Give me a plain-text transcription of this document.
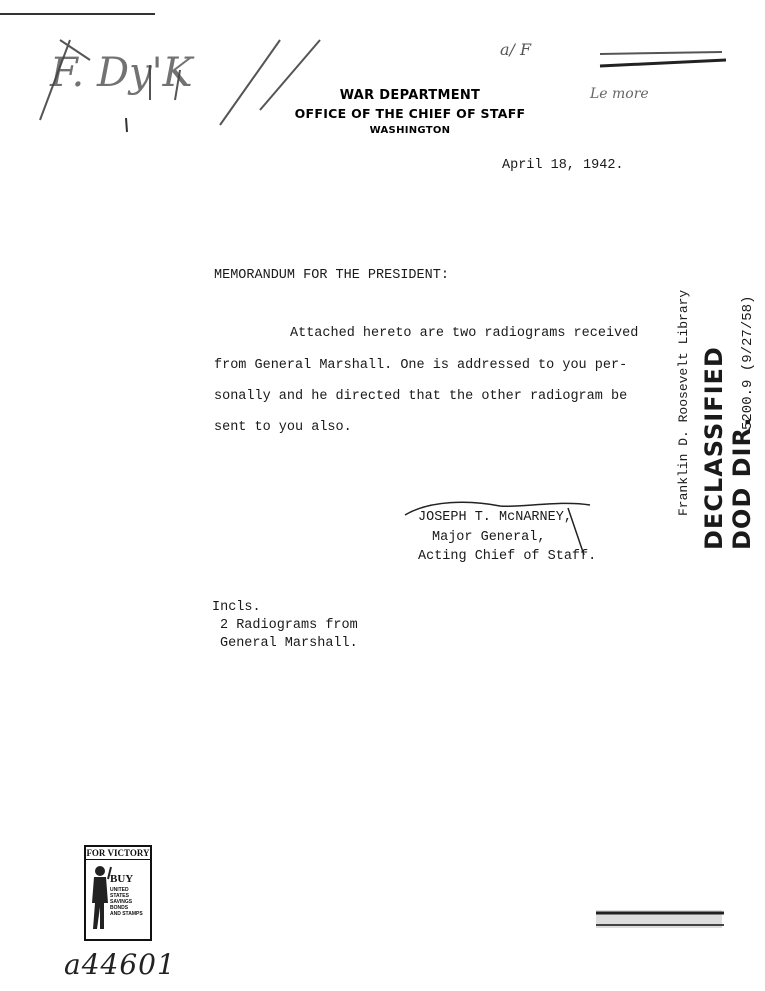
F. Dy'K
a/ F
Le more
WAR DEPARTMENT
OFFICE OF THE CHIEF OF STAFF
WASHINGTON
April 18, 1942.
MEMORANDUM FOR THE PRESIDENT:
Attached hereto are two radiograms received
from General Marshall. One is addressed to you per-
sonally and he directed that the other radiogram be
sent to you also.
JOSEPH T. McNARNEY,
Major General,
Acting Chief of Staff.
Incls.
2 Radiograms from
General Marshall.
Franklin D. Roosevelt Library DECLASSIFIED DOD DIR.
5200.9 (9/27/58)
FOR VICTORY
BUY
UNITED
STATES
SAVINGS
BONDS
AND STAMPS
a44601
